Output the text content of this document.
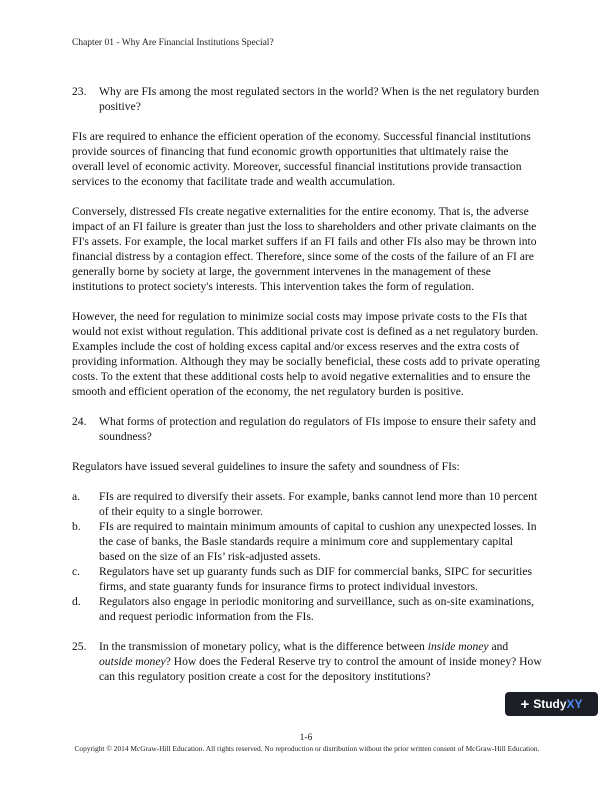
Chapter 01 - Why Are Financial Institutions Special?
23.	Why are FIs among the most regulated sectors in the world? When is the net regulatory burden positive?

FIs are required to enhance the efficient operation of the economy. Successful financial institutions provide sources of financing that fund economic growth opportunities that ultimately raise the overall level of economic activity. Moreover, successful financial institutions provide transaction services to the economy that facilitate trade and wealth accumulation.

Conversely, distressed FIs create negative externalities for the entire economy. That is, the adverse impact of an FI failure is greater than just the loss to shareholders and other private claimants on the FI's assets. For example, the local market suffers if an FI fails and other FIs also may be thrown into financial distress by a contagion effect. Therefore, since some of the costs of the failure of an FI are generally borne by society at large, the government intervenes in the management of these institutions to protect society's interests. This intervention takes the form of regulation.

However, the need for regulation to minimize social costs may impose private costs to the FIs that would not exist without regulation. This additional private cost is defined as a net regulatory burden. Examples include the cost of holding excess capital and/or excess reserves and the extra costs of providing information. Although they may be socially beneficial, these costs add to private operating costs. To the extent that these additional costs help to avoid negative externalities and to ensure the smooth and efficient operation of the economy, the net regulatory burden is positive.

24.	What forms of protection and regulation do regulators of FIs impose to ensure their safety and soundness?

Regulators have issued several guidelines to insure the safety and soundness of FIs:

a.	FIs are required to diversify their assets. For example, banks cannot lend more than 10 percent of their equity to a single borrower.
b.	FIs are required to maintain minimum amounts of capital to cushion any unexpected losses. In the case of banks, the Basle standards require a minimum core and supplementary capital based on the size of an FIs’ risk-adjusted assets.
c.	Regulators have set up guaranty funds such as DIF for commercial banks, SIPC for securities firms, and state guaranty funds for insurance firms to protect individual investors.
d.	Regulators also engage in periodic monitoring and surveillance, such as on-site examinations, and request periodic information from the FIs.
25.	In the transmission of monetary policy, what is the difference between inside money and outside money? How does the Federal Reserve try to control the amount of inside money? How can this regulatory position create a cost for the depository institutions?
+ Study XY
1-6
Copyright © 2014 McGraw-Hill Education. All rights reserved. No reproduction or distribution without the prior written consent of McGraw-Hill Education.
